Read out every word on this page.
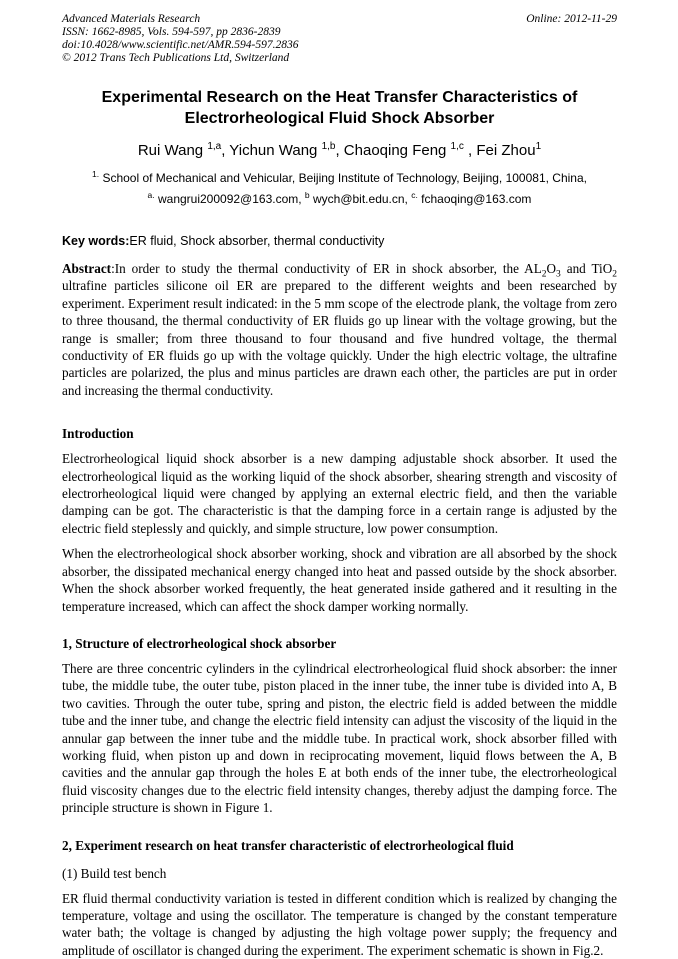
Advanced Materials Research
ISSN: 1662-8985, Vols. 594-597, pp 2836-2839
doi:10.4028/www.scientific.net/AMR.594-597.2836
© 2012 Trans Tech Publications Ltd, Switzerland
Online: 2012-11-29
Experimental Research on the Heat Transfer Characteristics of Electrorheological Fluid Shock Absorber
Rui Wang $^{1,a}$, Yichun Wang $^{1,b}$, Chaoqing Feng $^{1,c}$ , Fei Zhou$^1$
$^{1.}$ School of Mechanical and Vehicular, Beijing Institute of Technology, Beijing, 100081, China,
$^{a.}$ wangrui200092@163.com, $^b$ wych@bit.edu.cn, $^{c.}$ fchaoqing@163.com
Key words:ER fluid, Shock absorber, thermal conductivity

Abstract:In order to study the thermal conductivity of ER in shock absorber, the $AL_2O_3$ and TiO$_2$ ultrafine particles silicone oil ER are prepared to the different weights and been researched by experiment. Experiment result indicated: in the 5 mm scope of the electrode plank, the voltage from zero to three thousand, the thermal conductivity of ER fluids go up linear with the voltage growing, but the range is smaller; from three thousand to four thousand and five hundred voltage, the thermal conductivity of ER fluids go up with the voltage quickly. Under the high electric voltage, the ultrafine particles are polarized, the plus and minus particles are drawn each other, the particles are put in order and increasing the thermal conductivity.

Introduction

Electrorheological liquid shock absorber is a new damping adjustable shock absorber. It used the electrorheological liquid as the working liquid of the shock absorber, shearing strength and viscosity of electrorheological liquid were changed by applying an external electric field, and then the variable damping can be got. The characteristic is that the damping force in a certain range is adjusted by the electric field steplessly and quickly, and simple structure, low power consumption.

When the electrorheological shock absorber working, shock and vibration are all absorbed by the shock absorber, the dissipated mechanical energy changed into heat and passed outside by the shock absorber. When the shock absorber worked frequently, the heat generated inside gathered and it resulting in the temperature increased, which can affect the shock damper working normally.

1, Structure of electrorheological shock absorber

There are three concentric cylinders in the cylindrical electrorheological fluid shock absorber: the inner tube, the middle tube, the outer tube, piston placed in the inner tube, the inner tube is divided into A, B two cavities. Through the outer tube, spring and piston, the electric field is added between the middle tube and the inner tube, and change the electric field intensity can adjust the viscosity of the liquid in the annular gap between the inner tube and the middle tube. In practical work, shock absorber filled with working fluid, when piston up and down in reciprocating movement, liquid flows between the A, B cavities and the annular gap through the holes E at both ends of the inner tube, the electrorheological fluid viscosity changes due to the electric field intensity changes, thereby adjust the damping force. The principle structure is shown in Figure 1.

2, Experiment research on heat transfer characteristic of electrorheological fluid
(1) Build test bench

ER fluid thermal conductivity variation is tested in different condition which is realized by changing the temperature, voltage and using the oscillator. The temperature is changed by the constant temperature water bath; the voltage is changed by adjusting the high voltage power supply; the frequency and amplitude of oscillator is changed during the experiment. The experiment schematic is shown in Fig.2.
